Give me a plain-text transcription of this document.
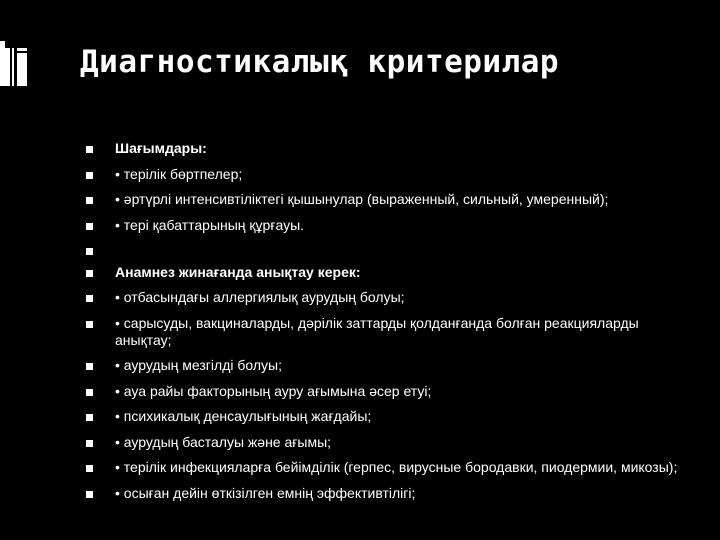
Диагностикалық критерилар
Шағымдары:
• терілік бөртпелер;
• әртүрлі интенсивтіліктегі қышынулар (выраженный, сильный, умеренный);
• тері қабаттарының құрғауы.
Анамнез жинағанда анықтау керек:
• отбасындағы аллергиялық аурудың болуы;
• сарысуды, вакциналарды, дәрілік заттарды қолданғанда болған реакцияларды анықтау;
• аурудың мезгілді болуы;
• ауа райы факторының ауру ағымына әсер етуі;
• психикалық денсаулығының жағдайы;
• аурудың басталуы және ағымы;
• терілік инфекцияларға бейімділік (герпес, вирусные бородавки, пиодермии, микозы);
• осыған дейін өткізілген емнің эффективтілігі;
